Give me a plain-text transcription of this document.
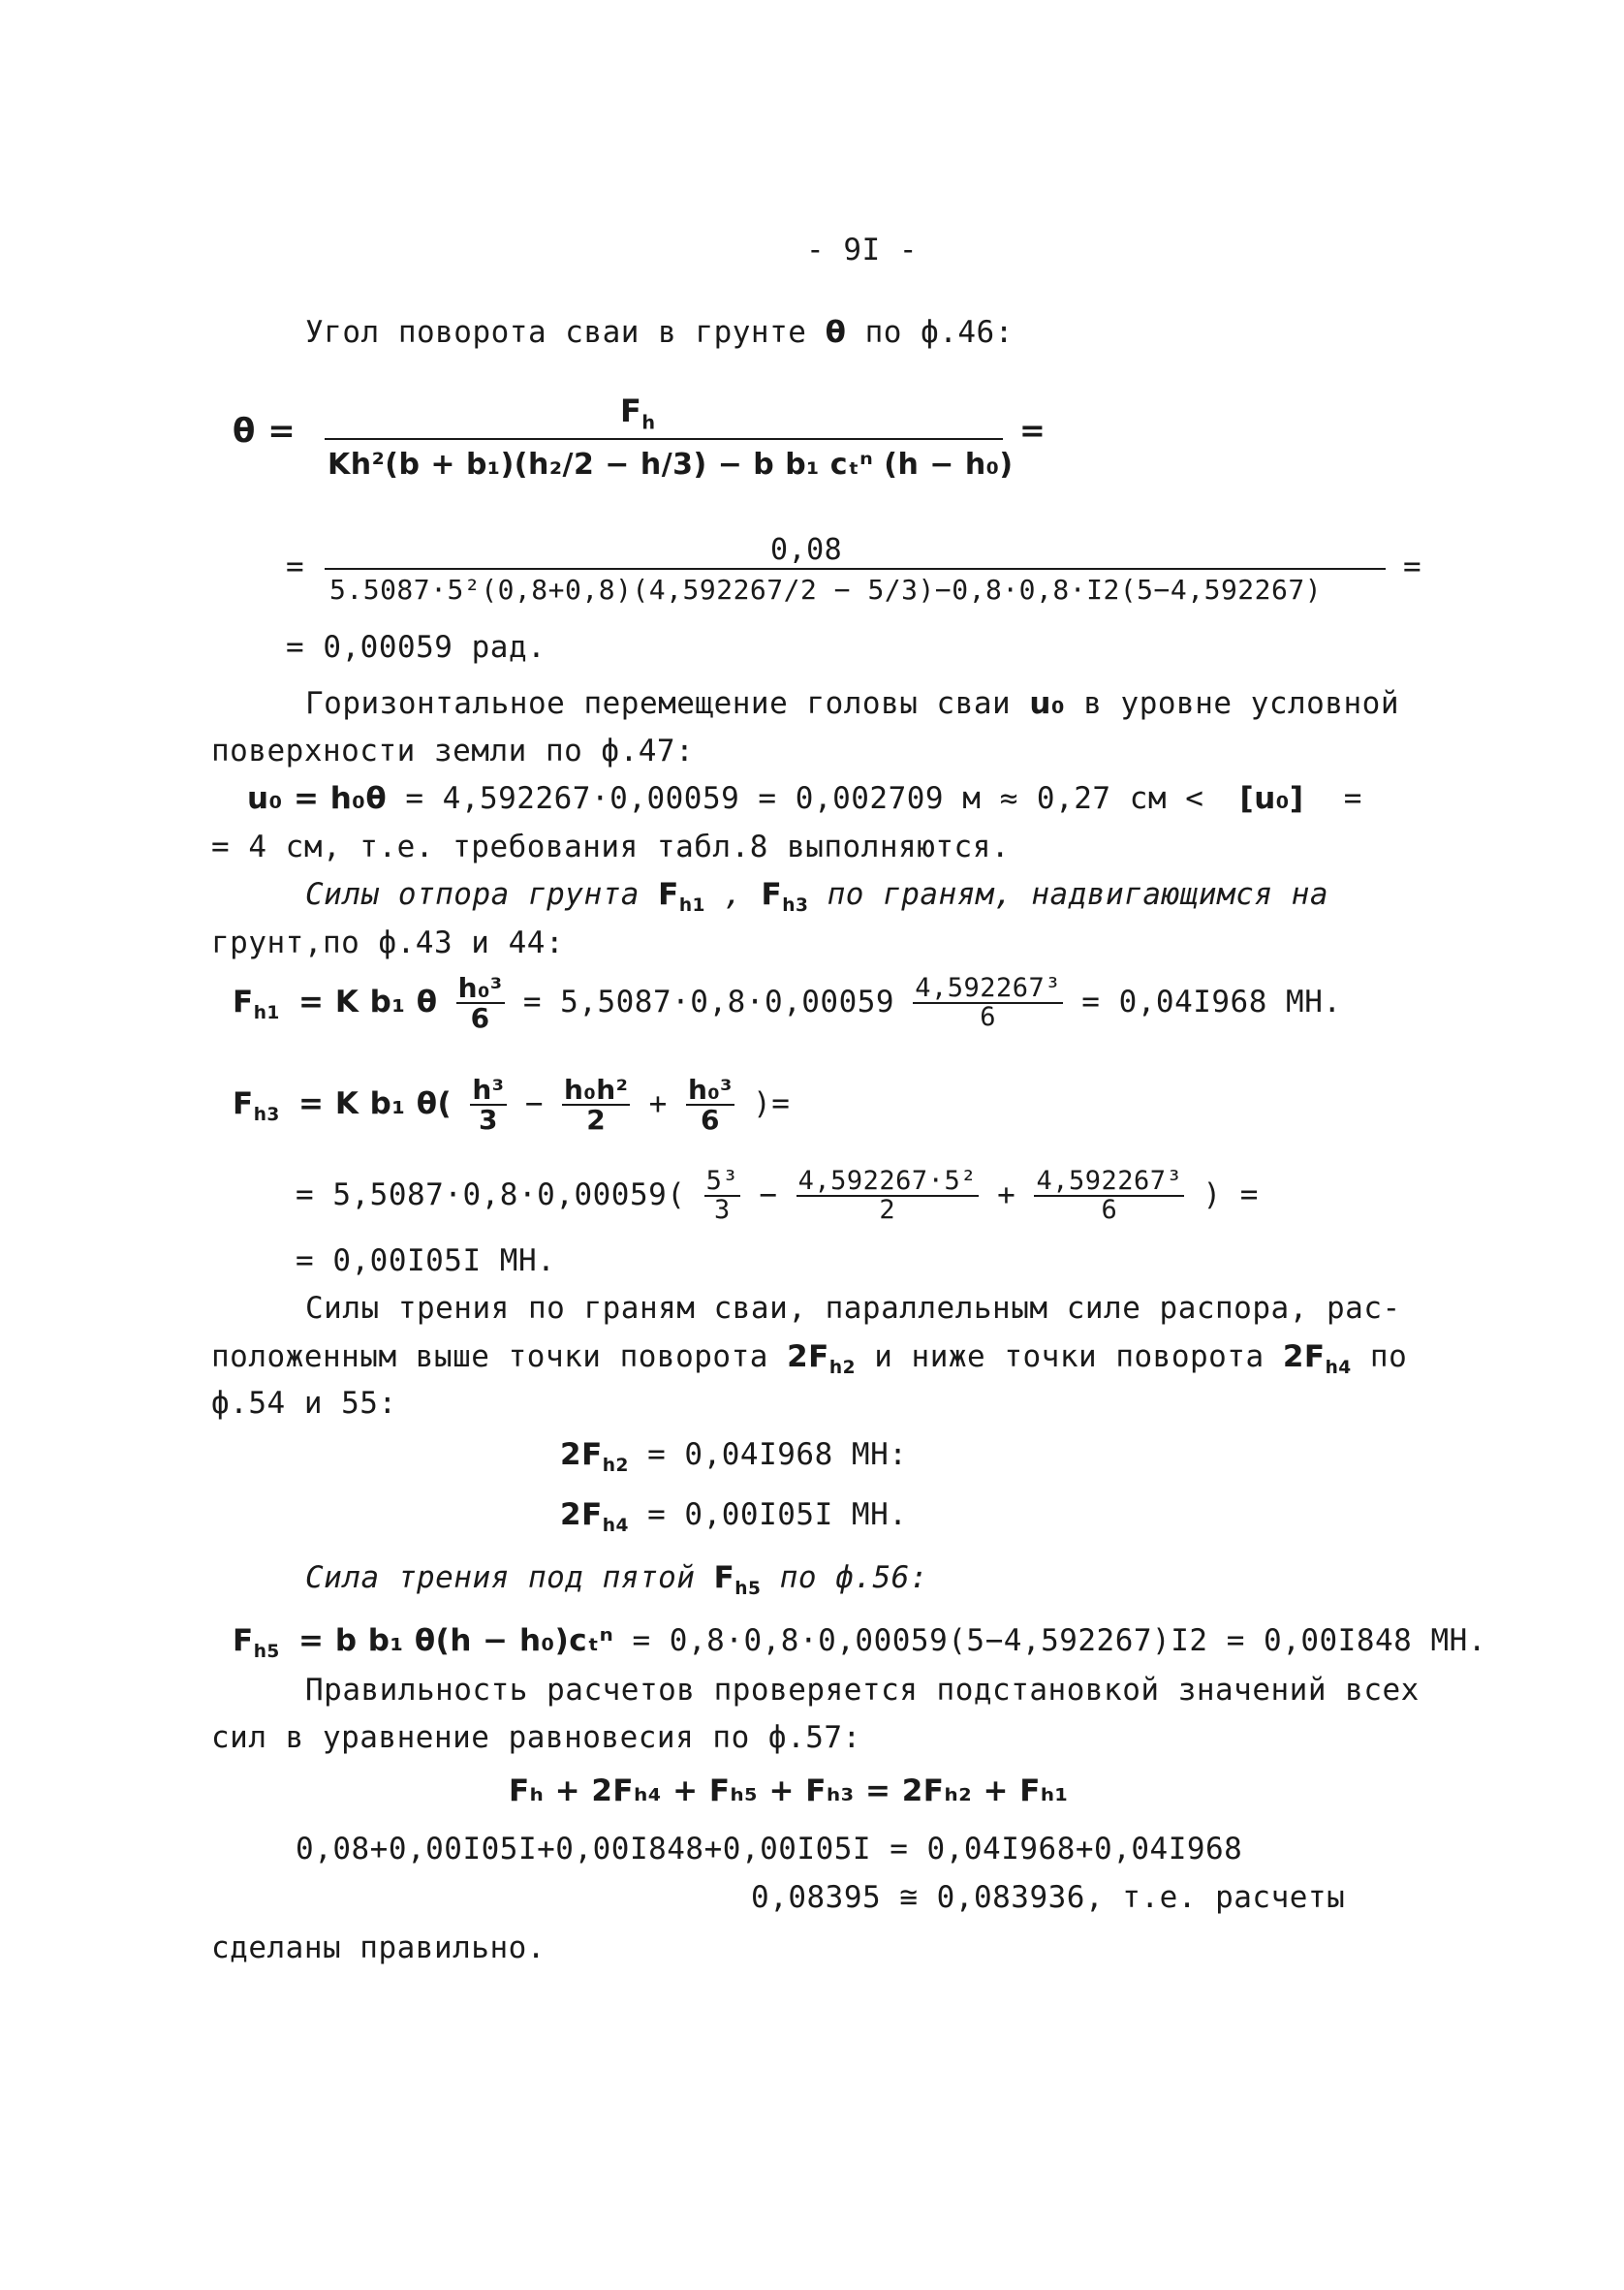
- 9I -
Угол поворота сваи в грунте θ по ф.46:
θ =
$F_h$
Kh²(b + b₁)(h₂/2 − h/3) − b b₁ cₜⁿ (h − h₀)
=
=	0,08
5.5087·5²(0,8+0,8)(4,592267/2 − 5/3)−0,8·0,8·I2(5−4,592267)
=
= 0,00059 рад.
Горизонтальное перемещение головы сваи u₀ в уровне условной
поверхности земли по ф.47:
u₀ = h₀θ = 4,592267·0,00059 = 0,002709 м ≈ 0,27 см < [u₀] =
= 4 см, т.е. требования табл.8 выполняются.
Силы отпора грунта $F_{h1}$ , $F_{h3}$ по граням, надвигающимся на
грунт,по ф.43 и 44:
$F_{h1} = K$ b₁ θ $\frac{\text{h₀³}}{6} = 5,5087\cdot 0,8\cdot 0,00059 \frac{\text{4,592267³}}{6} = 0,04I968$ МН.
$F_{h3} = K$ b₁ $\theta( \frac{\text{h³}}{3} - \frac{\text{h₀h²}}{2} + \frac{\text{h₀³}}{6}$ )=
= $5,5087\cdot 0,8\cdot 0,00059( \frac{\text{5³}}{3} - \frac{\text{4,592267·5²}}{2} + \frac{\text{4,592267³}}{6}$ ) =
= 0,00I05I МН.
Силы трения по граням сваи, параллельным силе распора, рас-
положенным выше точки поворота $2F_{h2}$ и ниже точки поворота $2F_{h4}$ по
ф.54 и 55:
$2F_{h2} = 0,04I968$ МН:
$2F_{h4} = 0,00I05I$ МН.
Сила трения под пятой $F_{h5}$ по ф.56:
$F_{h5} = b$ b₁ θ(h − h₀)cₜⁿ = 0,8·0,8·0,00059(5−4,592267)I2 = 0,00I848 МН.
Правильность расчетов проверяется подстановкой значений всех
сил в уравнение равновесия по ф.57:
Fₕ + 2Fₕ₄ + Fₕ₅ + Fₕ₃ = 2Fₕ₂ + Fₕ₁
0,08+0,00I05I+0,00I848+0,00I05I = 0,04I968+0,04I968
0,08395 ≅ 0,083936, т.е. расчеты
сделаны правильно.
